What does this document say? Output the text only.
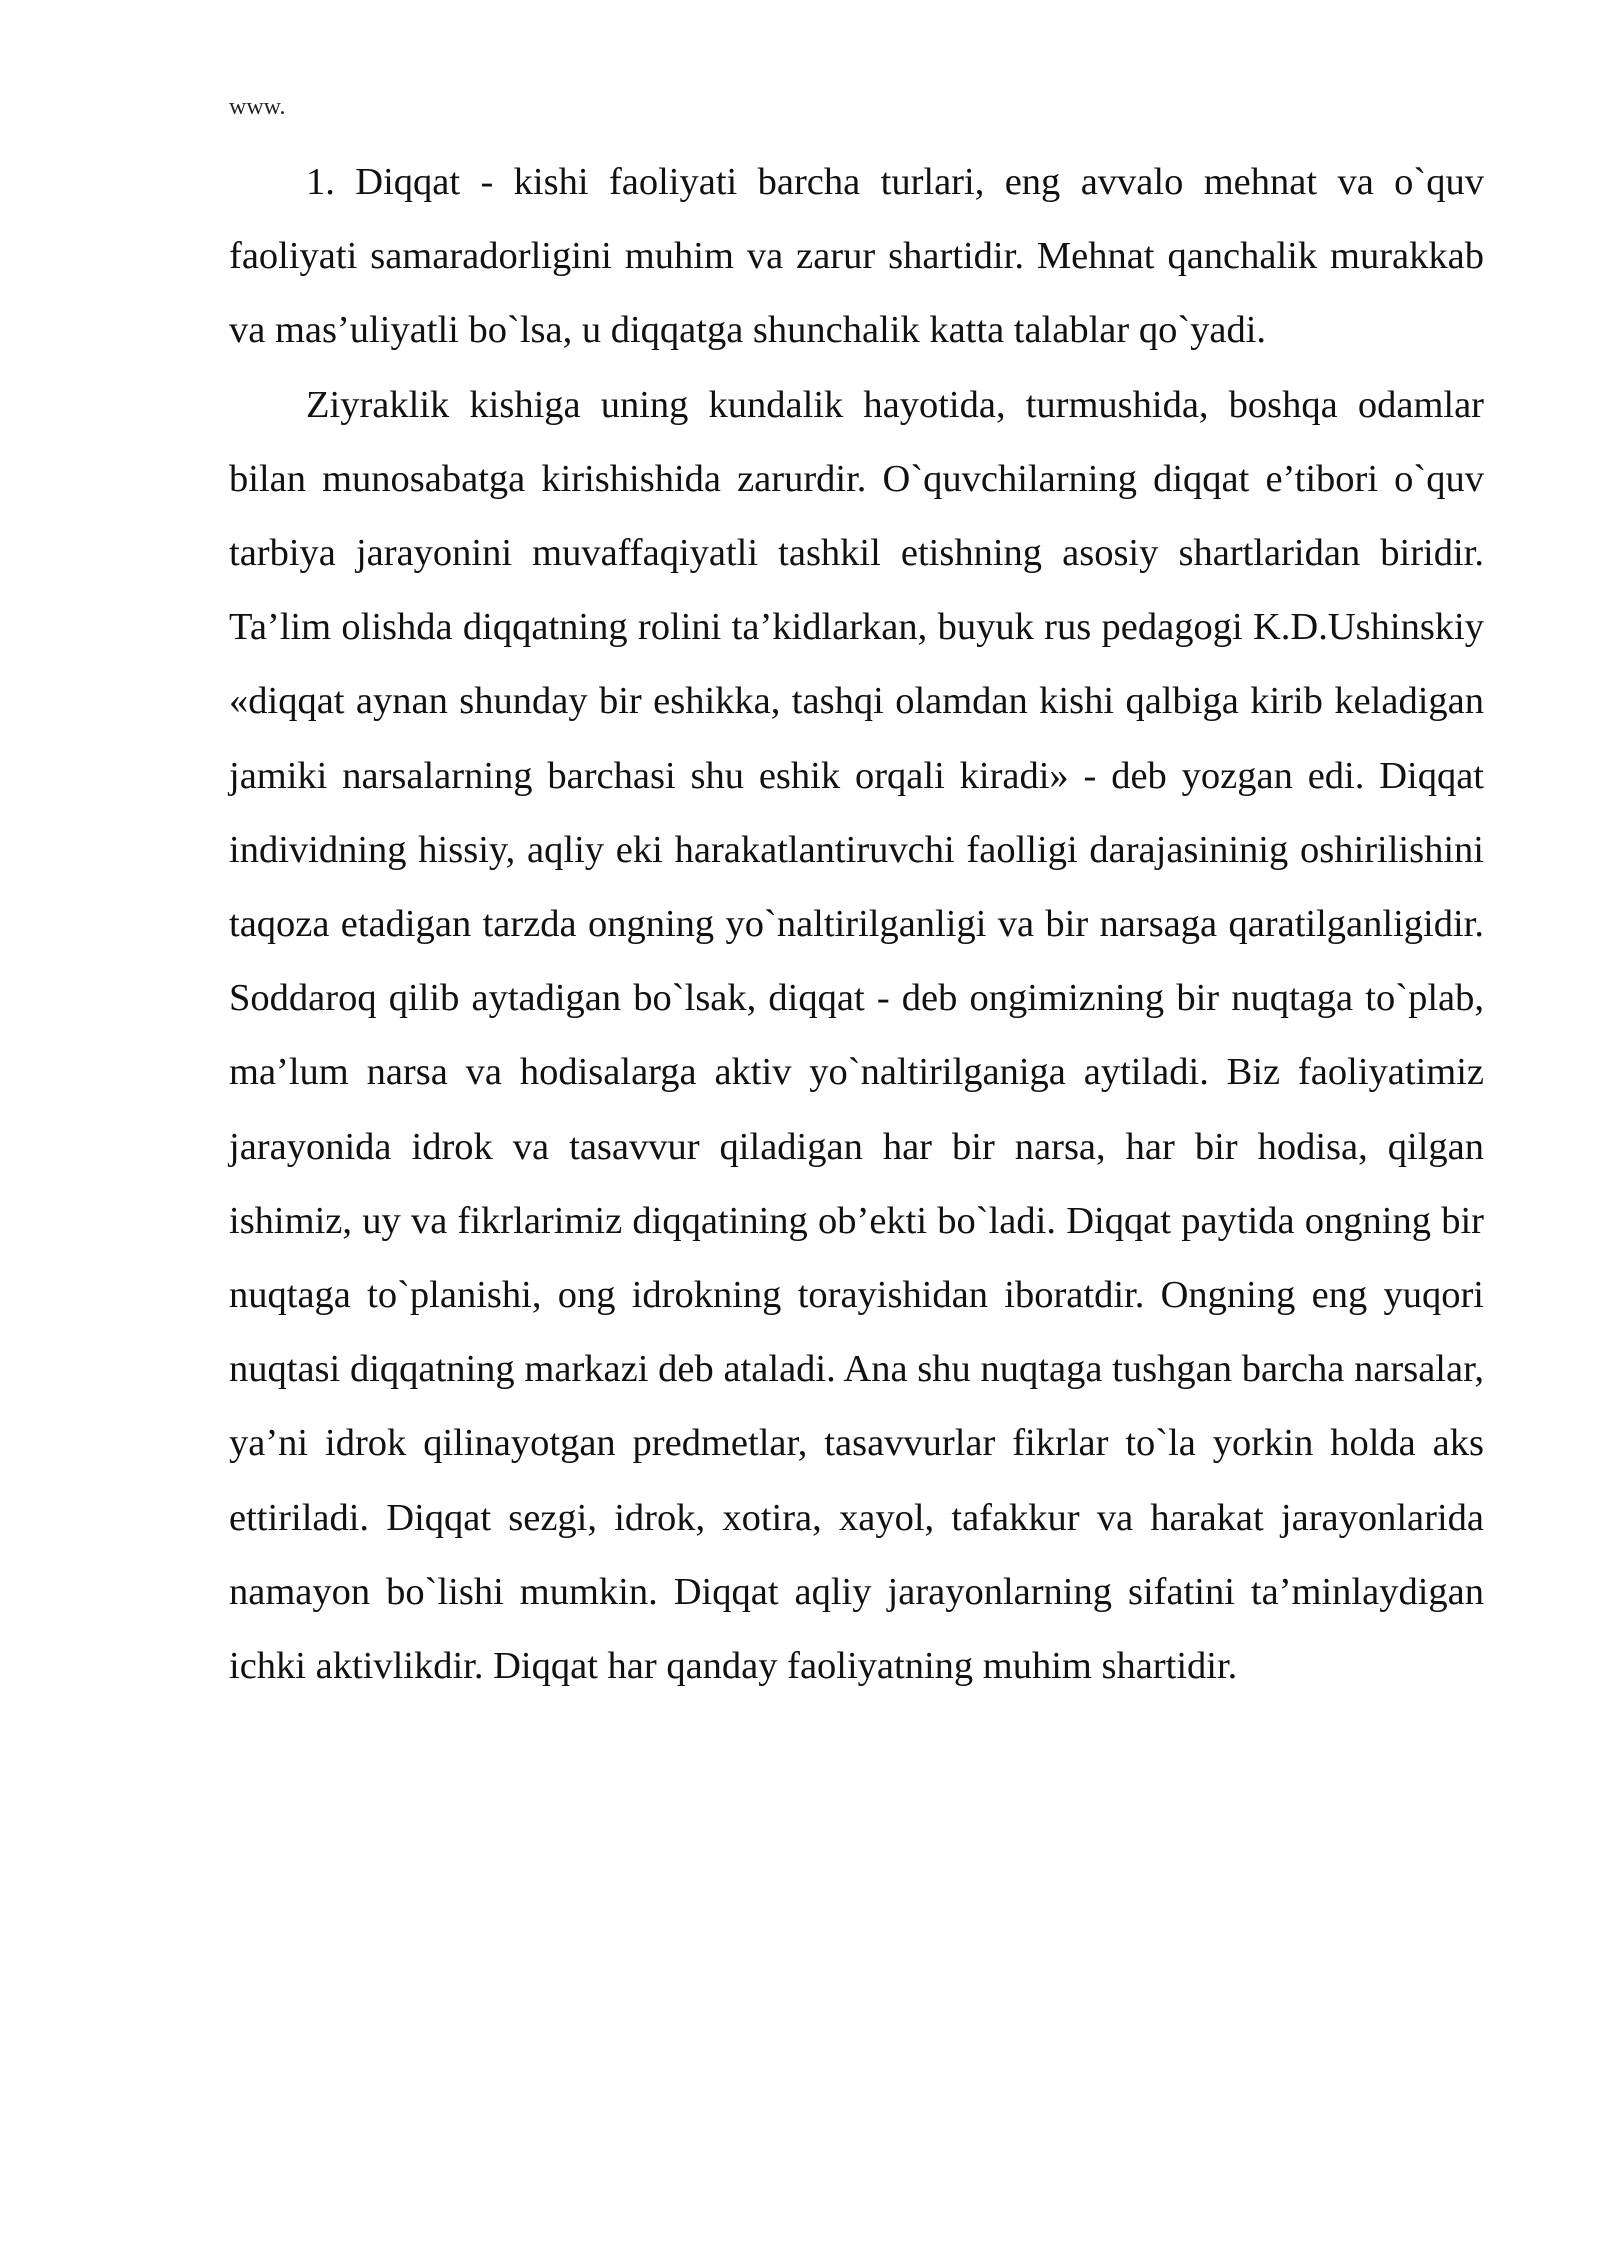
www.

1. Diqqat - kishi faoliyati barcha turlari, eng avvalo mehnat va o`quv faoliyati samaradorligini muhim va zarur shartidir. Mehnat qanchalik murakkab va mas’uliyatli bo`lsa, u diqqatga shunchalik katta talablar qo`yadi.

Ziyraklik kishiga uning kundalik hayotida, turmushida, boshqa odamlar bilan munosabatga kirishishida zarurdir. O`quvchilarning diqqat e’tibori o`quv tarbiya jarayonini muvaffaqiyatli tashkil etishning asosiy shartlaridan biridir. Ta’lim olishda diqqatning rolini ta’kidlarkan, buyuk rus pedagogi K.D.Ushinskiy «diqqat aynan shunday bir eshikka, tashqi olamdan kishi qalbiga kirib keladigan jamiki narsalarning barchasi shu eshik orqali kiradi» - deb yozgan edi. Diqqat individning hissiy, aqliy eki harakatlantiruvchi faolligi darajasininig oshirilishini taqoza etadigan tarzda ongning yo`naltirilganligi va bir narsaga qaratilganligidir. Soddaroq qilib aytadigan bo`lsak, diqqat - deb ongimizning bir nuqtaga to`plab, ma’lum narsa va hodisalarga aktiv yo`naltirilganiga aytiladi. Biz faoliyatimiz jarayonida idrok va tasavvur qiladigan har bir narsa, har bir hodisa, qilgan ishimiz, uy va fikrlarimiz diqqatining ob’ekti bo`ladi. Diqqat paytida ongning bir nuqtaga to`planishi, ong idrokning torayishidan iboratdir. Ongning eng yuqori nuqtasi diqqatning markazi deb ataladi. Ana shu nuqtaga tushgan barcha narsalar, ya’ni idrok qilinayotgan predmetlar, tasavvurlar fikrlar to`la yorkin holda aks ettiriladi. Diqqat sezgi, idrok, xotira, xayol, tafakkur va harakat jarayonlarida namayon bo`lishi mumkin. Diqqat aqliy jarayonlarning sifatini ta’minlaydigan ichki aktivlikdir. Diqqat har qanday faoliyatning muhim shartidir.
